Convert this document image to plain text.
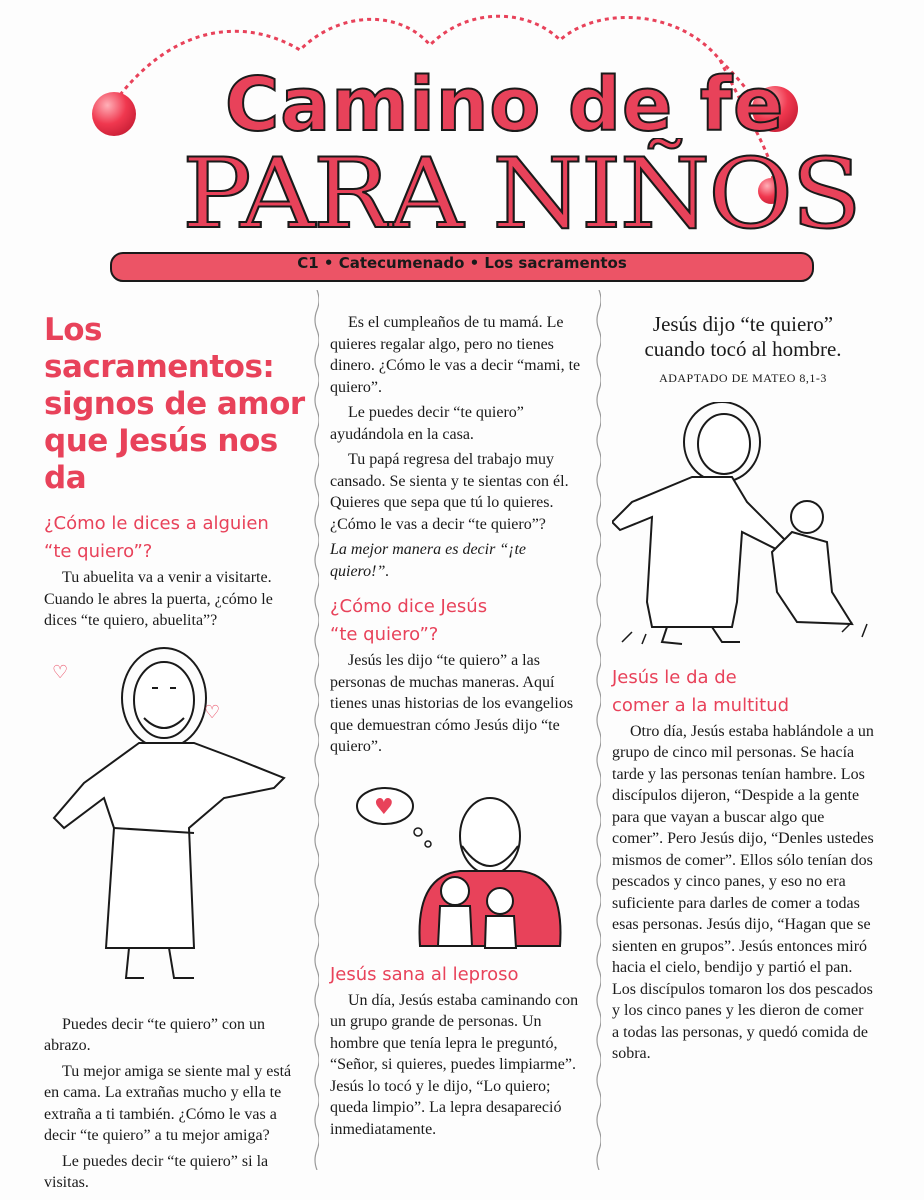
Camino de fe
PARA NIÑOS
C1 • Catecumenado • Los sacramentos
Los sacramentos:
signos de amor
que Jesús nos da
¿Cómo le dices a alguien
“te quiero”?

Tu abuelita va a venir a visitarte. Cuando le abres la puerta, ¿cómo le dices “te quiero, abuelita”?

♡
♡

Puedes decir “te quiero” con un abrazo.

Tu mejor amiga se siente mal y está en cama. La extrañas mucho y ella te extraña a ti también. ¿Cómo le vas a decir “te quiero” a tu mejor amiga?

Le puedes decir “te quiero” si la visitas.

Es el cumpleaños de tu mamá. Le quieres regalar algo, pero no tienes dinero. ¿Cómo le vas a decir “mami, te quiero”.

Le puedes decir “te quiero” ayudándola en la casa.

Tu papá regresa del trabajo muy cansado. Se sienta y te sientas con él. Quieres que sepa que tú lo quieres. ¿Cómo le vas a decir “te quiero”?

La mejor manera es decir “¡te quiero!”.

¿Cómo dice Jesús
“te quiero”?

Jesús les dijo “te quiero” a las personas de muchas maneras. Aquí tienes unas historias de los evangelios que demuestran cómo Jesús dijo “te quiero”.

♥
Jesús sana al leproso

Un día, Jesús estaba caminando con un grupo grande de personas. Un hombre que tenía lepra le preguntó, “Señor, si quieres, puedes limpiarme”. Jesús lo tocó y le dijo, “Lo quiero; queda limpio”. La lepra desapareció inmediatamente.

Jesús dijo “te quiero”
cuando tocó al hombre.
ADAPTADO DE MATEO 8,1-3
Jesús le da de
comer a la multitud

Otro día, Jesús estaba hablándole a un grupo de cinco mil personas. Se hacía tarde y las personas tenían hambre. Los discípulos dijeron, “Despide a la gente para que vayan a buscar algo que comer”. Pero Jesús dijo, “Denles ustedes mismos de comer”. Ellos sólo tenían dos pescados y cinco panes, y eso no era suficiente para darles de comer a todas esas personas. Jesús dijo, “Hagan que se sienten en grupos”. Jesús entonces miró hacia el cielo, bendijo y partió el pan. Los discípulos tomaron los dos pescados y los cinco panes y les dieron de comer a todas las personas, y quedó comida de sobra.
